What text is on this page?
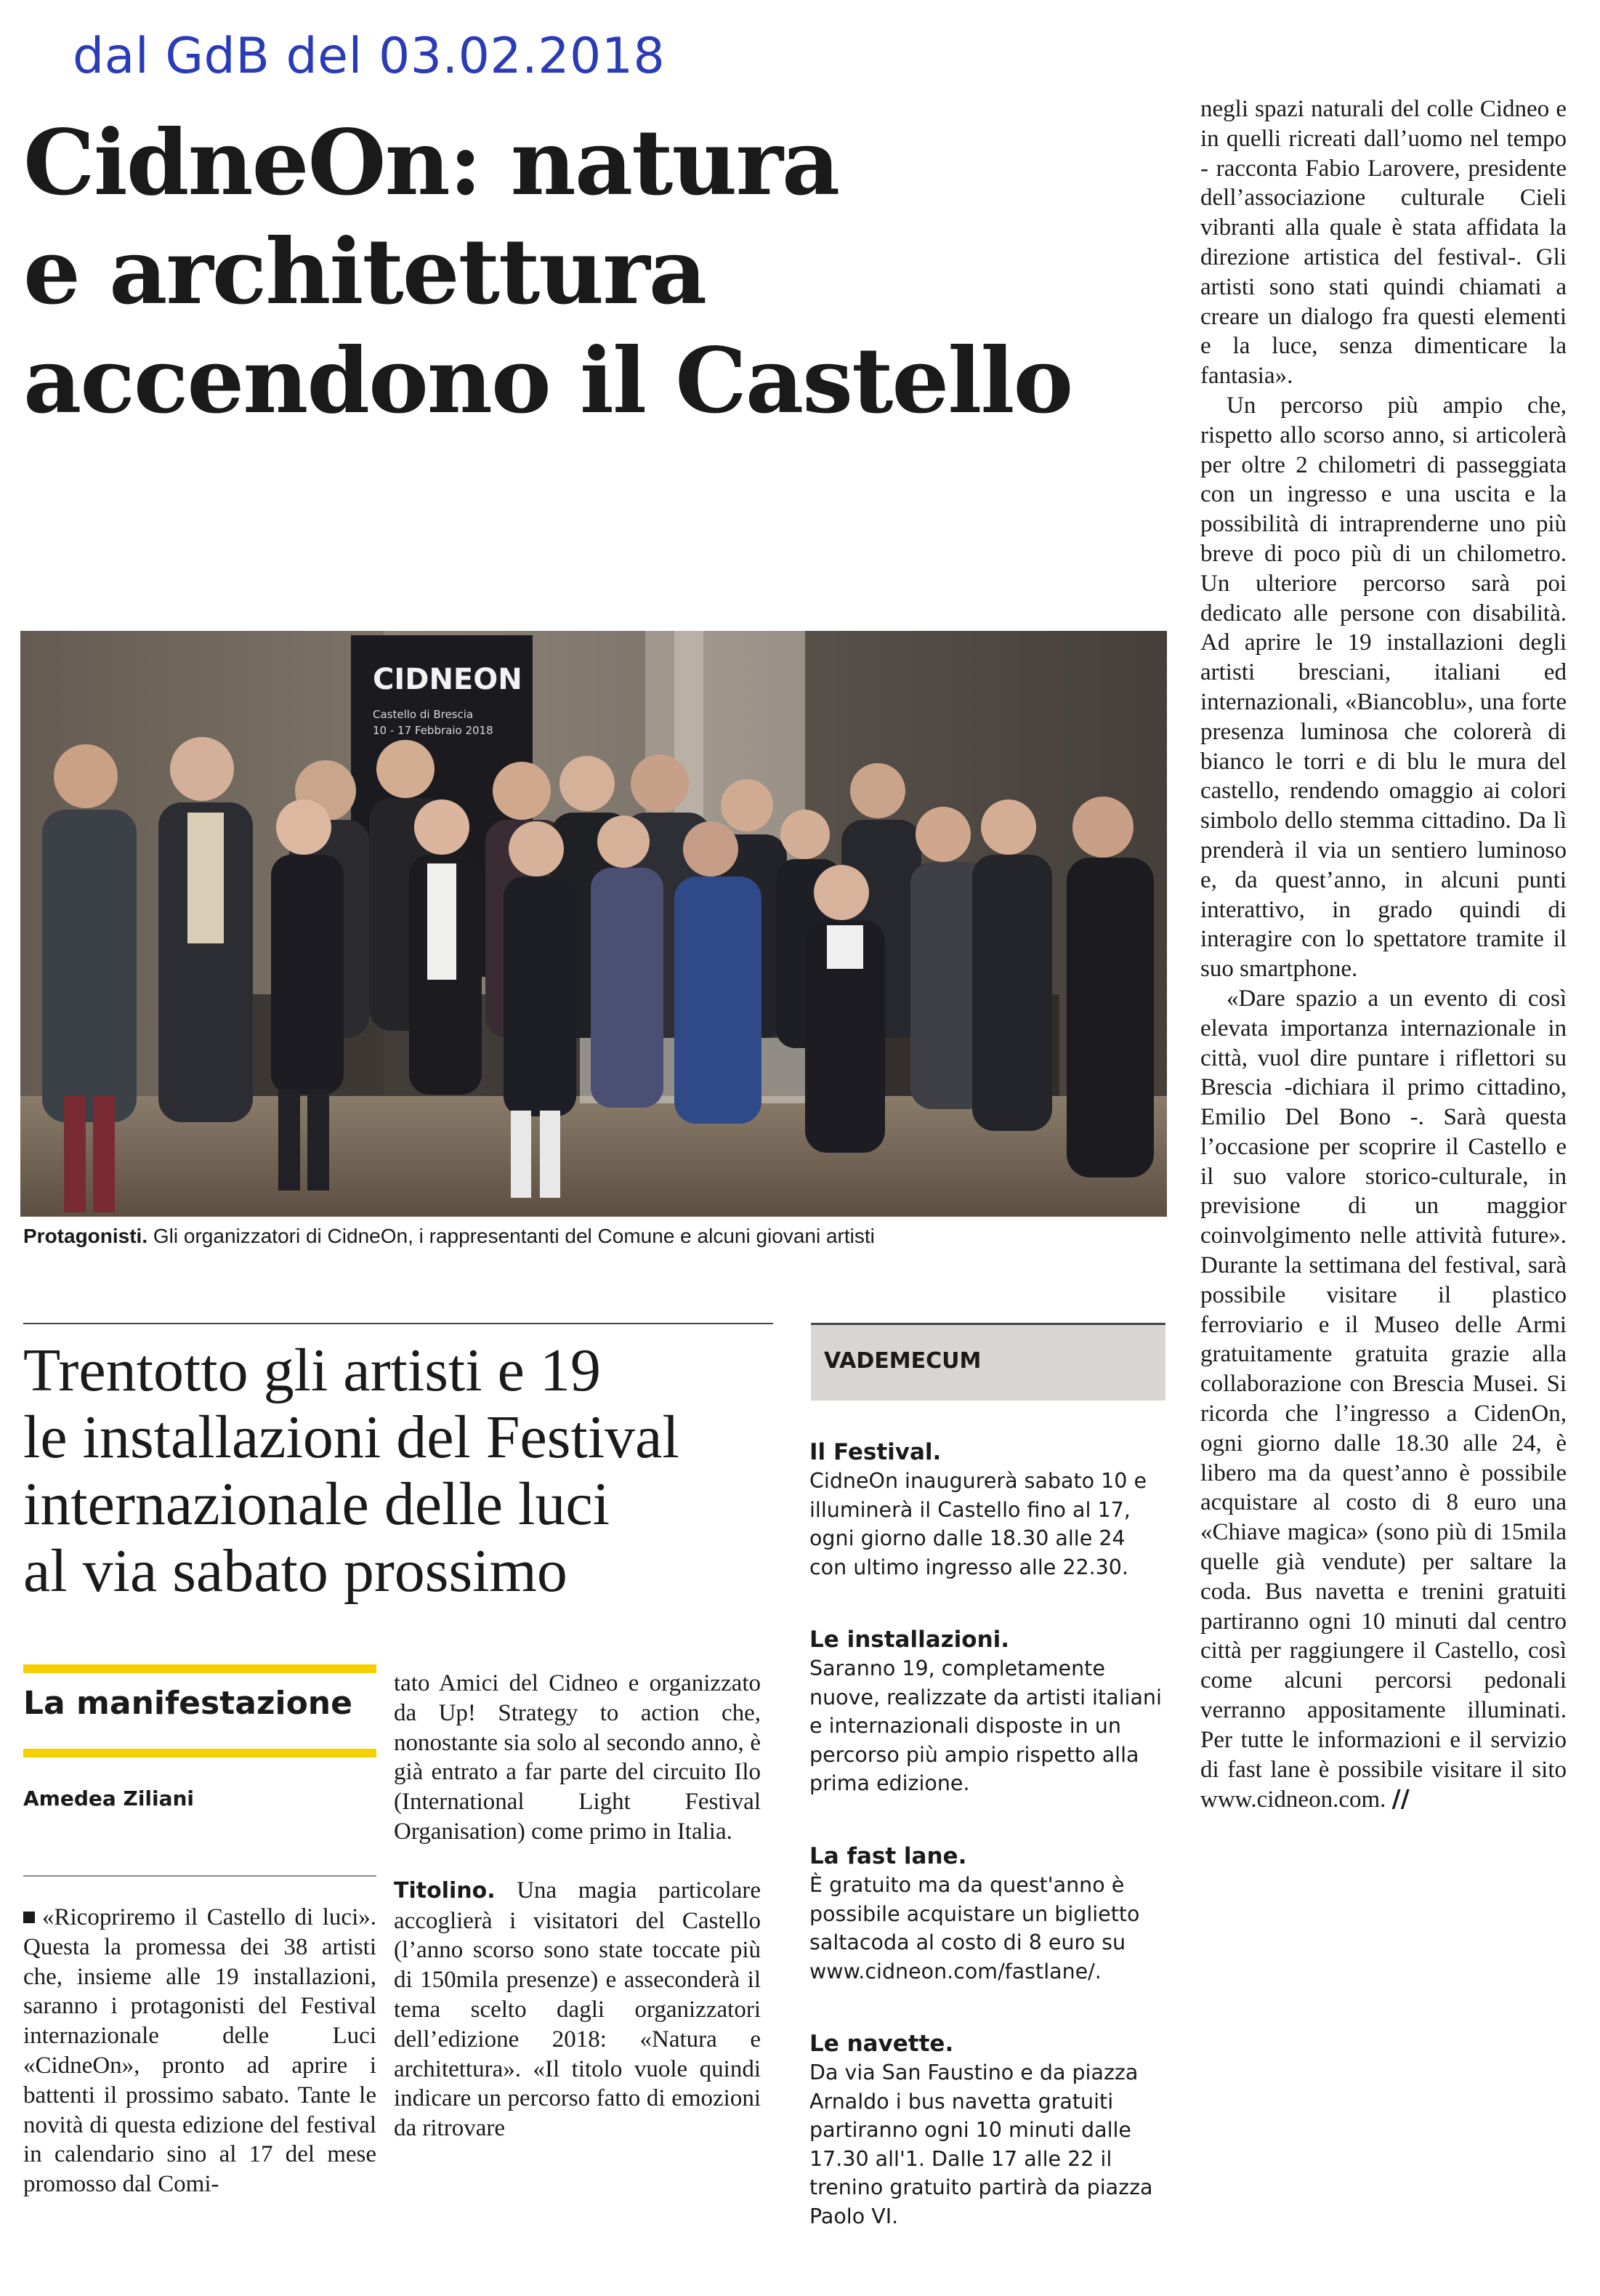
dal GdB del 03.02.2018
CidneOn: natura
e architettura
accendono il Castello
CIDNEON
Castello di Brescia
10 - 17 Febbraio 2018
Protagonisti. Gli organizzatori di CidneOn, i rappresentanti del Comune e alcuni giovani artisti
Trentotto gli artisti e 19
le installazioni del Festival
internazionale delle luci
al via sabato prossimo
La manifestazione
Amedea Ziliani

«Ricopriremo il Castello di luci». Questa la promessa dei 38 artisti che, insieme alle 19 installazioni, saranno i protagonisti del Festival internazionale delle Luci «CidneOn», pronto ad aprire i battenti il prossimo sabato. Tante le novità di questa edizione del festival in calendario sino al 17 del mese promosso dal Comi-

tato Amici del Cidneo e organizzato da Up! Strategy to action che, nonostante sia solo al secondo anno, è già entrato a far parte del circuito Ilo (International Light Festival Organisation) come primo in Italia.

Titolino. Una magia particolare accoglierà i visitatori del Castello (l’anno scorso sono state toccate più di 150mila presenze) e asseconderà il tema scelto dagli organizzatori dell’edizione 2018: «Natura e architettura». «Il titolo vuole quindi indicare un percorso fatto di emozioni da ritrovare

VADEMECUM
Il Festival.

CidneOn inaugurerà sabato 10 e illuminerà il Castello fino al 17, ogni giorno dalle 18.30 alle 24 con ultimo ingresso alle 22.30.

Le installazioni.

Saranno 19, completamente nuove, realizzate da artisti italiani e internazionali disposte in un percorso più ampio rispetto alla prima edizione.

La fast lane.

È gratuito ma da quest'anno è possibile acquistare un biglietto saltacoda al costo di 8 euro su www.cidneon.com/fastlane/.

Le navette.

Da via San Faustino e da piazza Arnaldo i bus navetta gratuiti partiranno ogni 10 minuti dalle 17.30 all'1. Dalle 17 alle 22 il trenino gratuito partirà da piazza Paolo VI.

negli spazi naturali del colle Cidneo e in quelli ricreati dall’uomo nel tempo - racconta Fabio Larovere, presidente dell’associazione culturale Cieli vibranti alla quale è stata affidata la direzione artistica del festival-. Gli artisti sono stati quindi chiamati a creare un dialogo fra questi elementi e la luce, senza dimenticare la fantasia».

Un percorso più ampio che, rispetto allo scorso anno, si articolerà per oltre 2 chilometri di passeggiata con un ingresso e una uscita e la possibilità di intraprenderne uno più breve di poco più di un chilometro. Un ulteriore percorso sarà poi dedicato alle persone con disabilità. Ad aprire le 19 installazioni degli artisti bresciani, italiani ed internazionali, «Biancoblu», una forte presenza luminosa che colorerà di bianco le torri e di blu le mura del castello, rendendo omaggio ai colori simbolo dello stemma cittadino. Da lì prenderà il via un sentiero luminoso e, da quest’anno, in alcuni punti interattivo, in grado quindi di interagire con lo spettatore tramite il suo smartphone.

«Dare spazio a un evento di così elevata importanza internazionale in città, vuol dire puntare i riflettori su Brescia -dichiara il primo cittadino, Emilio Del Bono -. Sarà questa l’occasione per scoprire il Castello e il suo valore storico-culturale, in previsione di un maggior coinvolgimento nelle attività future». Durante la settimana del festival, sarà possibile visitare il plastico ferroviario e il Museo delle Armi gratuitamente gratuita grazie alla collaborazione con Brescia Musei. Si ricorda che l’ingresso a CidenOn, ogni giorno dalle 18.30 alle 24, è libero ma da quest’anno è possibile acquistare al costo di 8 euro una «Chiave magica» (sono più di 15mila quelle già vendute) per saltare la coda. Bus navetta e trenini gratuiti partiranno ogni 10 minuti dal centro città per raggiungere il Castello, così come alcuni percorsi pedonali verranno appositamente illuminati. Per tutte le informazioni e il servizio di fast lane è possibile visitare il sito www.cidneon.com. //
